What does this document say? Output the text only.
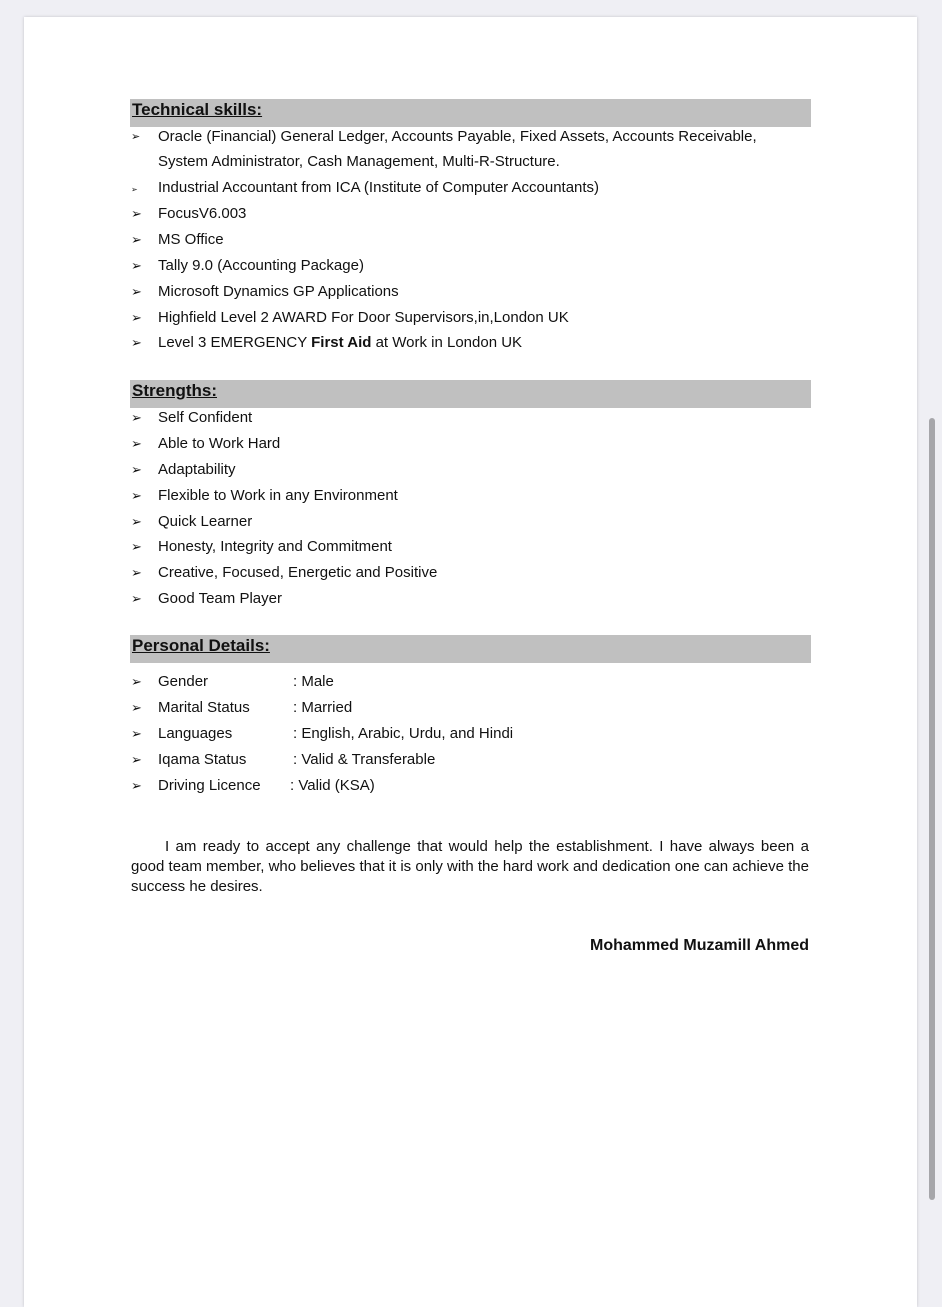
Technical skills:
➢ Oracle (Financial) General Ledger, Accounts Payable, Fixed Assets, Accounts Receivable,
System Administrator, Cash Management, Multi-R-Structure.
➢ Industrial Accountant from ICA (Institute of Computer Accountants)
➢ FocusV6.003
➢ MS Office
➢ Tally 9.0 (Accounting Package)
➢ Microsoft Dynamics GP Applications
➢ Highfield Level 2 AWARD For Door Supervisors,in,London UK
➢ Level 3 EMERGENCY First Aid at Work in London UK
Strengths:
➢ Self Confident
➢ Able to Work Hard
➢ Adaptability
➢ Flexible to Work in any Environment
➢ Quick Learner
➢ Honesty, Integrity and Commitment
➢ Creative, Focused, Energetic and Positive
➢ Good Team Player
Personal Details:
➢ Gender	: Male
➢ Marital Status	: Married
➢ Languages	: English, Arabic, Urdu, and Hindi
➢ Iqama Status	: Valid & Transferable
➢ Driving Licence : Valid (KSA)
I am ready to accept any challenge that would help the establishment. I have always been a good team member, who believes that it is only with the hard work and dedication one can achieve the success he desires.
Mohammed Muzamill Ahmed
